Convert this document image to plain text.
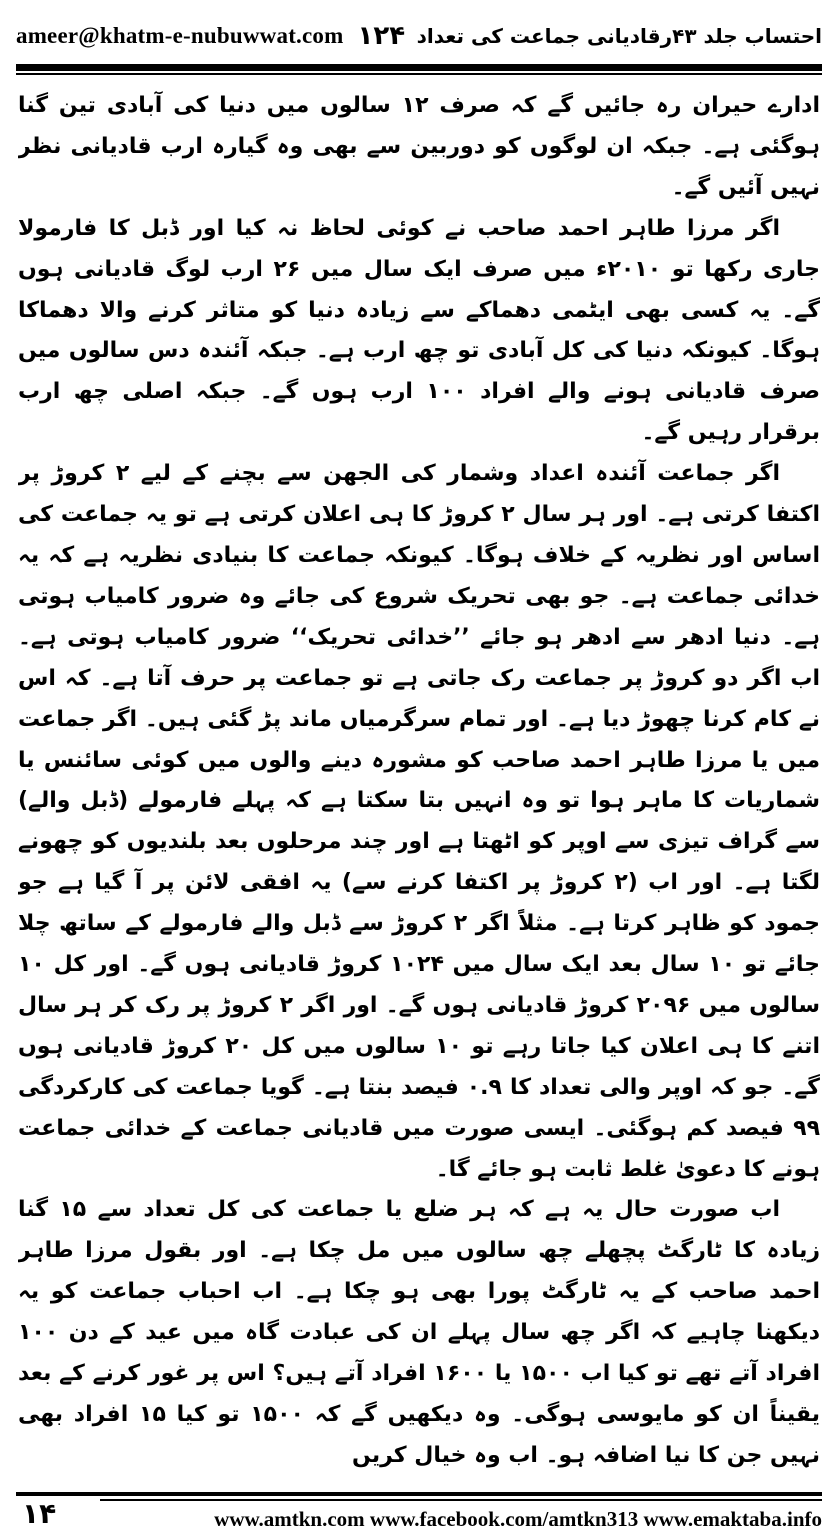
ameer@khatm-e-nubuwwat.com ۱۲۴ احتساب جلد ۴۳رقادیانی جماعت کی تعداد

ادارے حیران رہ جائیں گے کہ صرف ۱۲ سالوں میں دنیا کی آبادی تین گنا ہوگئی ہے۔ جبکہ ان لوگوں کو دوربین سے بھی وہ گیارہ ارب قادیانی نظر نہیں آئیں گے۔

اگر مرزا طاہر احمد صاحب نے کوئی لحاظ نہ کیا اور ڈبل کا فارمولا جاری رکھا تو ۲۰۱۰ء میں صرف ایک سال میں ۲۶ ارب لوگ قادیانی ہوں گے۔ یہ کسی بھی ایٹمی دھماکے سے زیادہ دنیا کو متاثر کرنے والا دھماکا ہوگا۔ کیونکہ دنیا کی کل آبادی تو چھ ارب ہے۔ جبکہ آئندہ دس سالوں میں صرف قادیانی ہونے والے افراد ۱۰۰ ارب ہوں گے۔ جبکہ اصلی چھ ارب برقرار رہیں گے۔

اگر جماعت آئندہ اعداد وشمار کی الجھن سے بچنے کے لیے ۲ کروڑ پر اکتفا کرتی ہے۔ اور ہر سال ۲ کروڑ کا ہی اعلان کرتی ہے تو یہ جماعت کی اساس اور نظریہ کے خلاف ہوگا۔ کیونکہ جماعت کا بنیادی نظریہ ہے کہ یہ خدائی جماعت ہے۔ جو بھی تحریک شروع کی جائے وہ ضرور کامیاب ہوتی ہے۔ دنیا ادھر سے ادھر ہو جائے ’’خدائی تحریک‘‘ ضرور کامیاب ہوتی ہے۔ اب اگر دو کروڑ پر جماعت رک جاتی ہے تو جماعت پر حرف آتا ہے۔ کہ اس نے کام کرنا چھوڑ دیا ہے۔ اور تمام سرگرمیاں ماند پڑ گئی ہیں۔ اگر جماعت میں یا مرزا طاہر احمد صاحب کو مشورہ دینے والوں میں کوئی سائنس یا شماریات کا ماہر ہوا تو وہ انہیں بتا سکتا ہے کہ پہلے فارمولے (ڈبل والے) سے گراف تیزی سے اوپر کو اٹھتا ہے اور چند مرحلوں بعد بلندیوں کو چھونے لگتا ہے۔ اور اب (۲ کروڑ پر اکتفا کرنے سے) یہ افقی لائن پر آ گیا ہے جو جمود کو ظاہر کرتا ہے۔ مثلاً اگر ۲ کروڑ سے ڈبل والے فارمولے کے ساتھ چلا جائے تو ۱۰ سال بعد ایک سال میں ۱۰۲۴ کروڑ قادیانی ہوں گے۔ اور کل ۱۰ سالوں میں ۲۰۹۶ کروڑ قادیانی ہوں گے۔ اور اگر ۲ کروڑ پر رک کر ہر سال اتنے کا ہی اعلان کیا جاتا رہے تو ۱۰ سالوں میں کل ۲۰ کروڑ قادیانی ہوں گے۔ جو کہ اوپر والی تعداد کا ۰.۹ فیصد بنتا ہے۔ گویا جماعت کی کارکردگی ۹۹ فیصد کم ہوگئی۔ ایسی صورت میں قادیانی جماعت کے خدائی جماعت ہونے کا دعویٰ غلط ثابت ہو جائے گا۔

اب صورت حال یہ ہے کہ ہر ضلع یا جماعت کی کل تعداد سے ۱۵ گنا زیادہ کا ٹارگٹ پچھلے چھ سالوں میں مل چکا ہے۔ اور بقول مرزا طاہر احمد صاحب کے یہ ٹارگٹ پورا بھی ہو چکا ہے۔ اب احباب جماعت کو یہ دیکھنا چاہیے کہ اگر چھ سال پہلے ان کی عبادت گاہ میں عید کے دن ۱۰۰ افراد آتے تھے تو کیا اب ۱۵۰۰ یا ۱۶۰۰ افراد آتے ہیں؟ اس پر غور کرنے کے بعد یقیناً ان کو مایوسی ہوگی۔ وہ دیکھیں گے کہ ۱۵۰۰ تو کیا ۱۵ افراد بھی نہیں جن کا نیا اضافہ ہو۔ اب وہ خیال کریں

۱۴	www.amtkn.com www.facebook.com/amtkn313 www.emaktaba.info
